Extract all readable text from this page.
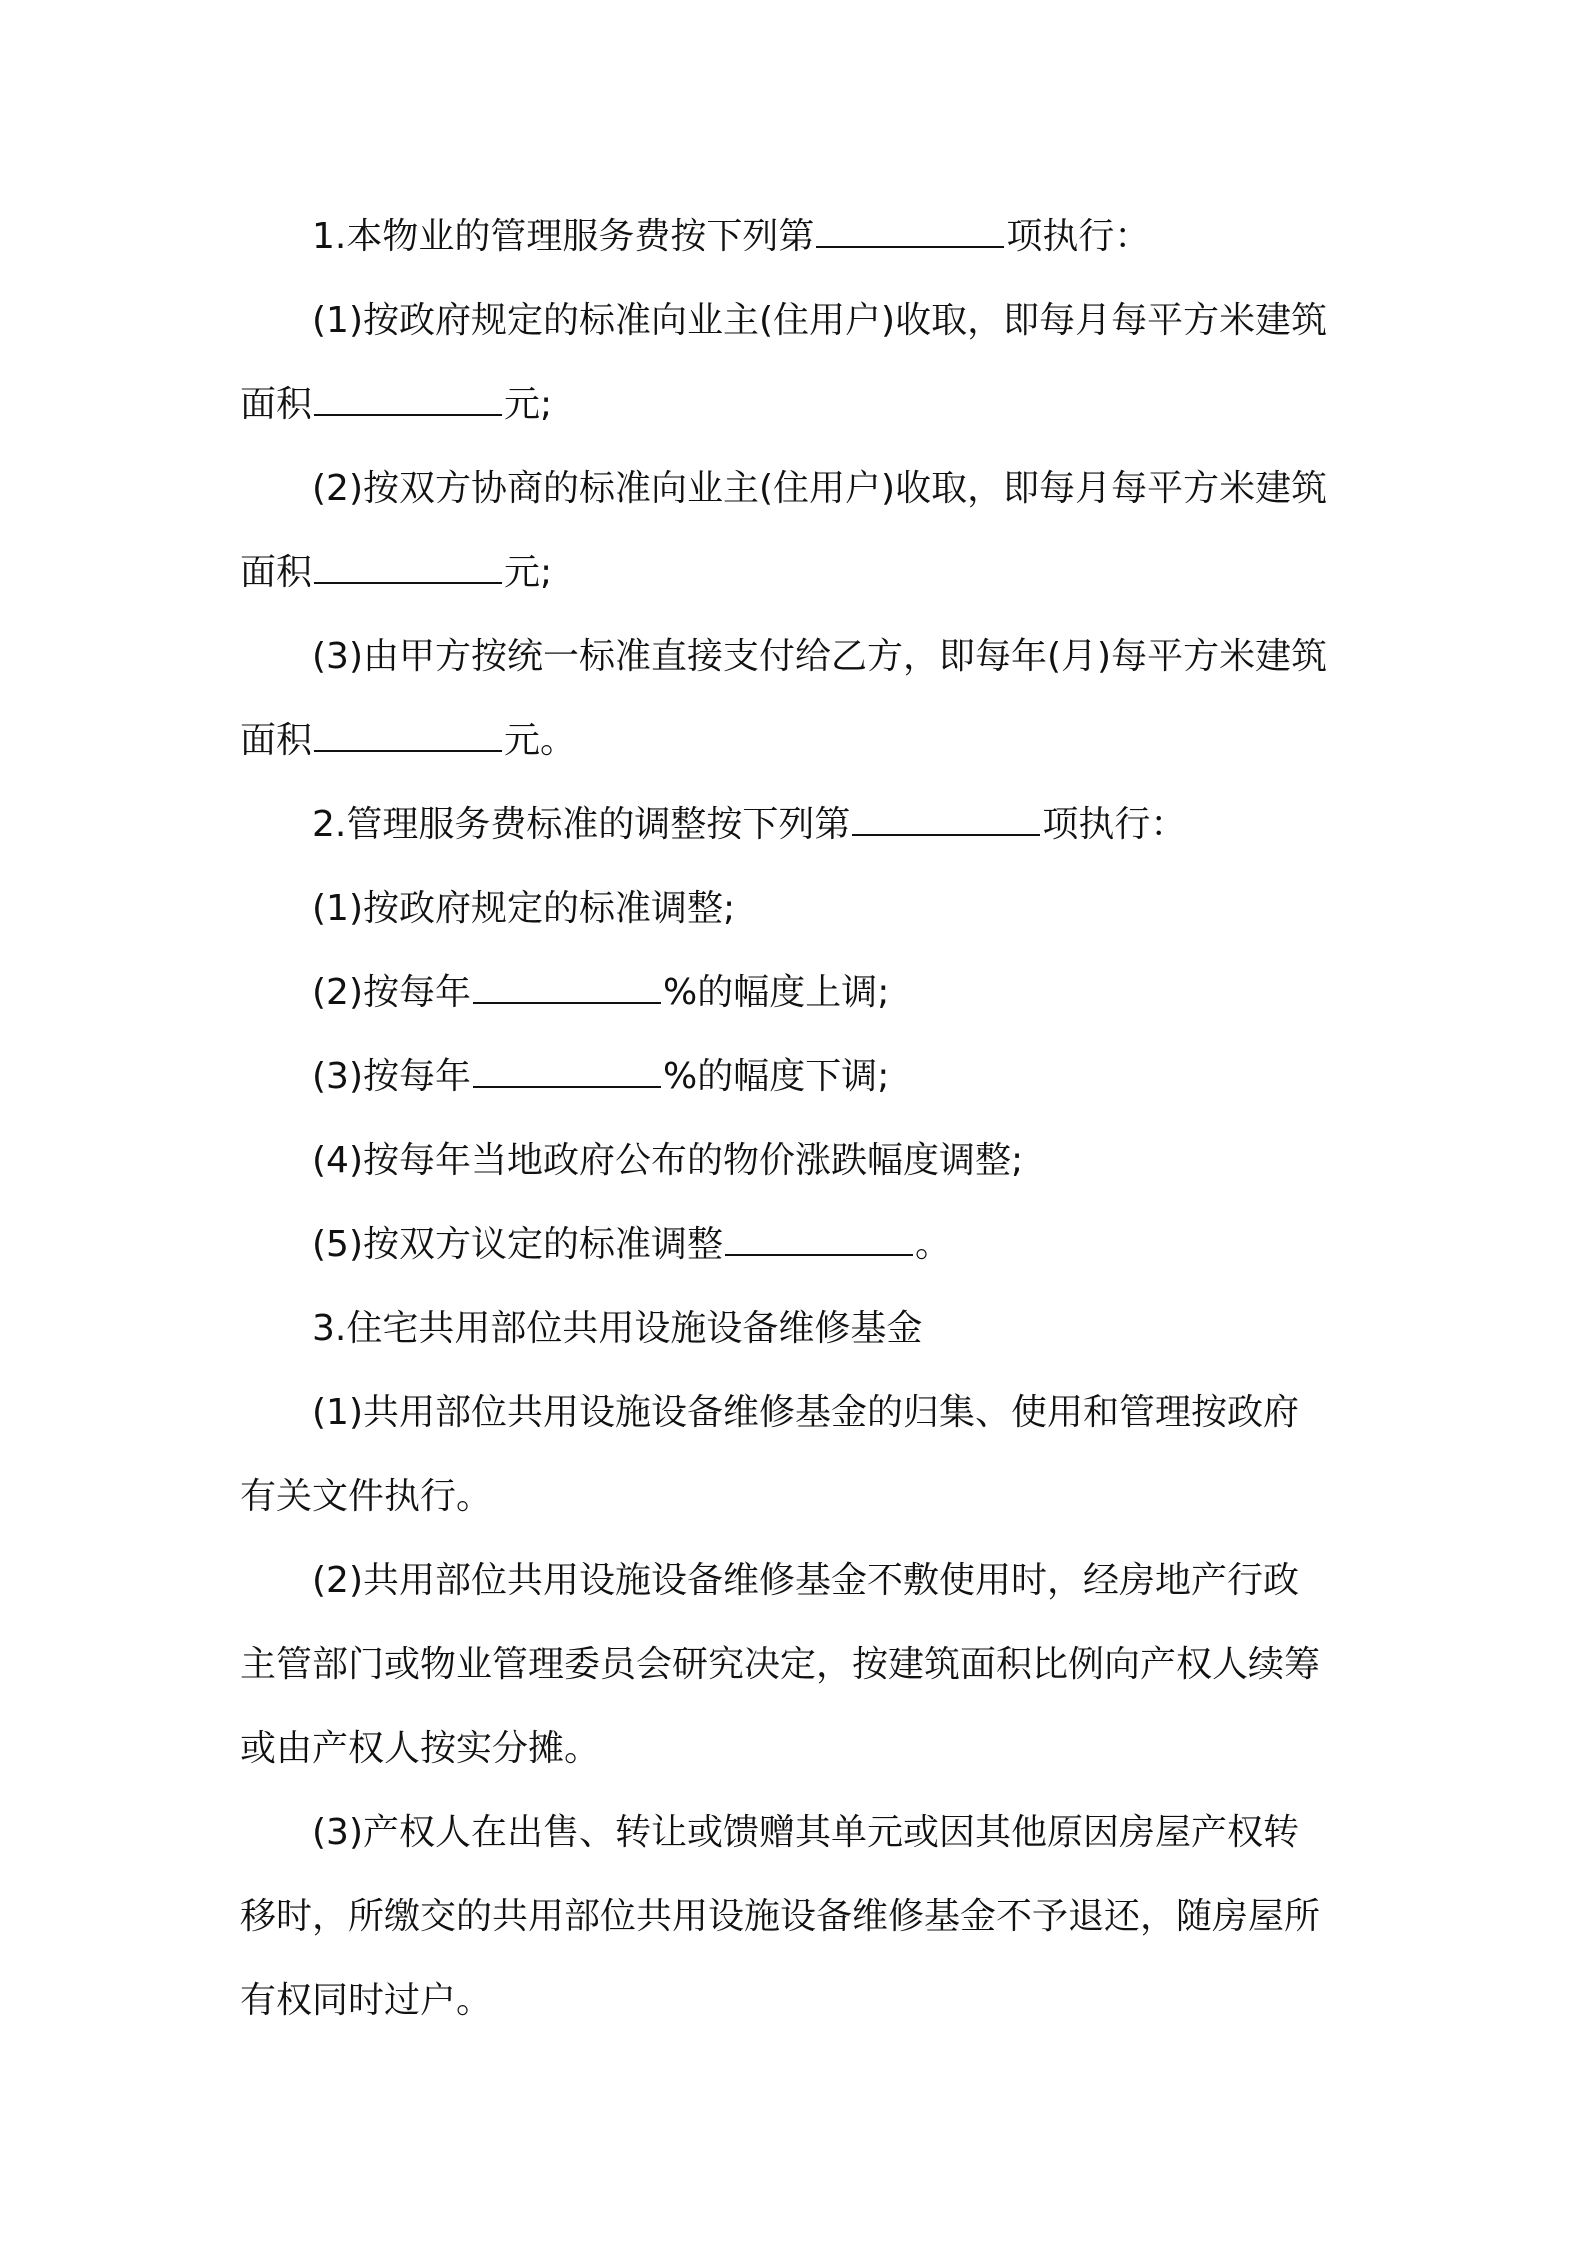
1.本物业的管理服务费按下列第	项执行：

(1)按政府规定的标准向业主(住用户)收取，即每月每平方米建筑

面积	元;

(2)按双方协商的标准向业主(住用户)收取，即每月每平方米建筑

面积	元;

(3)由甲方按统一标准直接支付给乙方，即每年(月)每平方米建筑

面积	元。

2.管理服务费标准的调整按下列第	项执行：

(1)按政府规定的标准调整;

(2)按每年	%的幅度上调;

(3)按每年	%的幅度下调;

(4)按每年当地政府公布的物价涨跌幅度调整;

(5)按双方议定的标准调整	。

3.住宅共用部位共用设施设备维修基金

(1)共用部位共用设施设备维修基金的归集、使用和管理按政府

有关文件执行。

(2)共用部位共用设施设备维修基金不敷使用时，经房地产行政

主管部门或物业管理委员会研究决定，按建筑面积比例向产权人续筹

或由产权人按实分摊。

(3)产权人在出售、转让或馈赠其单元或因其他原因房屋产权转

移时，所缴交的共用部位共用设施设备维修基金不予退还，随房屋所

有权同时过户。
